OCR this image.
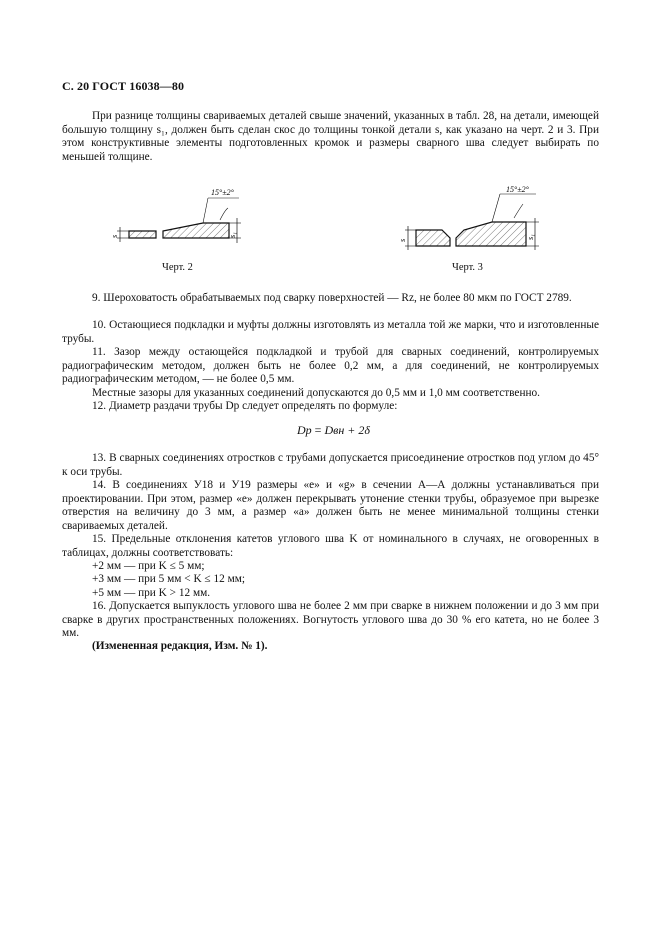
С. 20 ГОСТ 16038—80
При разнице толщины свариваемых деталей свыше значений, указанных в табл. 28, на детали, имеющей большую толщину s₁, должен быть сделан скос до толщины тонкой детали s, как указано на черт. 2 и 3. При этом конструктивные элементы подготовленных кромок и размеры сварного шва следует выбирать по меньшей толщине.
15°±2°
s	s₁
Черт. 2
15°±2°
s
s₁
Черт. 3
9. Шероховатость обрабатываемых под сварку поверхностей — Rz, не более 80 мкм по ГОСТ 2789.
10. Остающиеся подкладки и муфты должны изготовлять из металла той же марки, что и изготовленные трубы.
11. Зазор между остающейся подкладкой и трубой для сварных соединений, контролируемых радиографическим методом, должен быть не более 0,2 мм, а для соединений, не контролируемых радиографическим методом, — не более 0,5 мм.
Местные зазоры для указанных соединений допускаются до 0,5 мм и 1,0 мм соответственно.
12. Диаметр раздачи трубы Dр следует определять по формуле:
Dр = Dвн + 2δ
13. В сварных соединениях отростков с трубами допускается присоединение отростков под углом до 45° к оси трубы.
14. В соединениях У18 и У19 размеры «е» и «g» в сечении А—А должны устанавливаться при проектировании. При этом, размер «е» должен перекрывать утонение стенки трубы, образуемое при вырезке отверстия на величину до 3 мм, а размер «а» должен быть не менее минимальной толщины стенки свариваемых деталей.
15. Предельные отклонения катетов углового шва K от номинального в случаях, не оговоренных в таблицах, должны соответствовать:
+2 мм — при K ≤ 5 мм;
+3 мм — при 5 мм < K ≤ 12 мм;
+5 мм — при K > 12 мм.
16. Допускается выпуклость углового шва не более 2 мм при сварке в нижнем положении и до 3 мм при сварке в других пространственных положениях. Вогнутость углового шва до 30 % его катета, но не более 3 мм.
(Измененная редакция, Изм. № 1).
